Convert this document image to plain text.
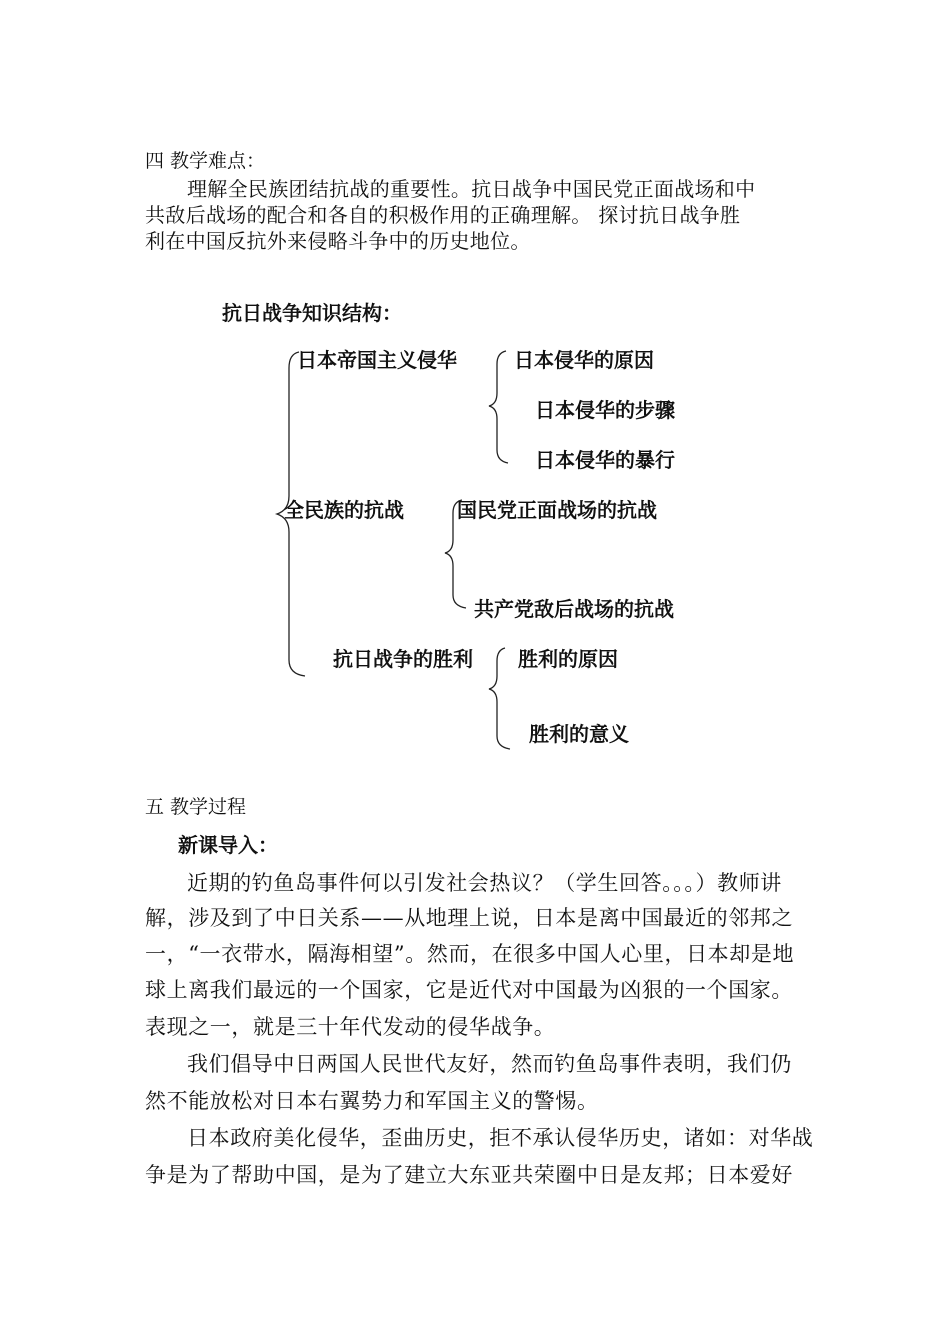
四 教学难点：
理解全民族团结抗战的重要性。抗日战争中国民党正面战场和中
共敌后战场的配合和各自的积极作用的正确理解。 探讨抗日战争胜
利在中国反抗外来侵略斗争中的历史地位。
抗日战争知识结构：
日本帝国主义侵华	日本侵华的原因
日本侵华的步骤
日本侵华的暴行
全民族的抗战	国民党正面战场的抗战
共产党敌后战场的抗战
抗日战争的胜利 胜利的原因
胜利的意义
五 教学过程
新课导入：
近期的钓鱼岛事件何以引发社会热议？（学生回答。。。）教师讲
解，涉及到了中日关系——从地理上说，日本是离中国最近的邻邦之
一，“一衣带水，隔海相望”。然而，在很多中国人心里，日本却是地
球上离我们最远的一个国家，它是近代对中国最为凶狠的一个国家。
表现之一，就是三十年代发动的侵华战争。
我们倡导中日两国人民世代友好，然而钓鱼岛事件表明，我们仍
然不能放松对日本右翼势力和军国主义的警惕。
日本政府美化侵华，歪曲历史，拒不承认侵华历史，诸如：对华战
争是为了帮助中国，是为了建立大东亚共荣圈中日是友邦；日本爱好
